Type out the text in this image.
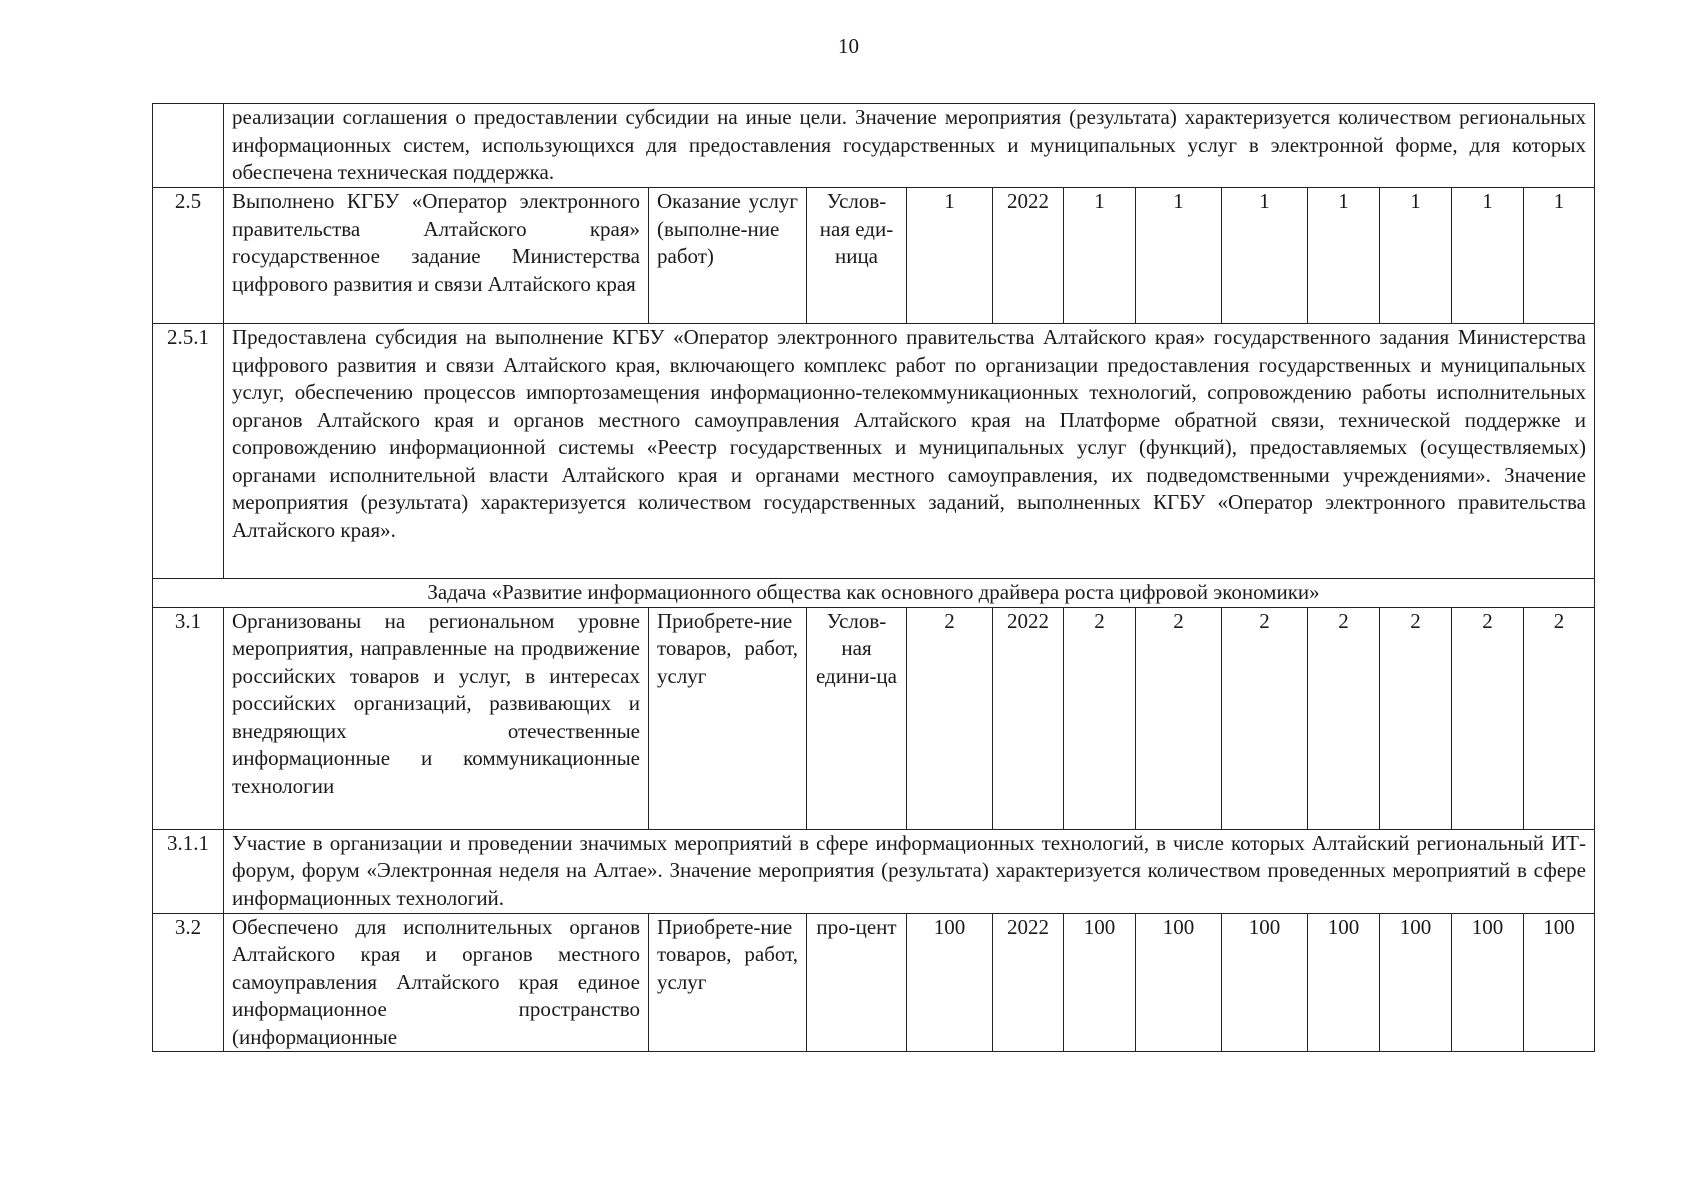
10
	реализации соглашения о предоставлении субсидии на иные цели. Значение мероприятия (результата) характеризуется количеством региональных информационных систем, использующихся для предоставления государственных и муниципальных услуг в электронной форме, для которых обеспечена техническая поддержка.											
2.5	Выполнено КГБУ «Оператор электронного правительства Алтайского края» государственное задание Министерства цифрового развития и связи Алтайского края	Оказание услуг (выполне-ние работ)	Услов-ная еди-ница	1	2022	1	1	1	1	1	1	1
2.5.1	Предоставлена субсидия на выполнение КГБУ «Оператор электронного правительства Алтайского края» государственного задания Министерства цифрового развития и связи Алтайского края, включающего комплекс работ по организации предоставления государственных и муниципальных услуг, обеспечению процессов импортозамещения информационно-телекоммуникационных технологий, сопровождению работы исполнительных органов Алтайского края и органов местного самоуправления Алтайского края на Платформе обратной связи, технической поддержке и сопровождению информационной системы «Реестр государственных и муниципальных услуг (функций), предоставляемых (осуществляемых) органами исполнительной власти Алтайского края и органами местного самоуправления, их подведомственными учреждениями». Значение мероприятия (результата) характеризуется количеством государственных заданий, выполненных КГБУ «Оператор электронного правительства Алтайского края».											
Задача «Развитие информационного общества как основного драйвера роста цифровой экономики»												
3.1	Организованы на региональном уровне мероприятия, направленные на продвижение российских товаров и услуг, в интересах российских организаций, развивающих и внедряющих отечественные информационные и коммуникационные технологии	Приобрете-ние товаров, работ, услуг	Услов-ная едини-ца	2	2022	2	2	2	2	2	2	2
3.1.1	Участие в организации и проведении значимых мероприятий в сфере информационных технологий, в числе которых Алтайский региональный ИТ-форум, форум «Электронная неделя на Алтае». Значение мероприятия (результата) характеризуется количеством проведенных мероприятий в сфере информационных технологий.											
3.2	Обеспечено для исполнительных органов Алтайского края и органов местного самоуправления Алтайского края единое информационное пространство (информационные	Приобрете-ние товаров, работ, услуг	про-цент	100	2022	100	100	100	100	100	100	100
